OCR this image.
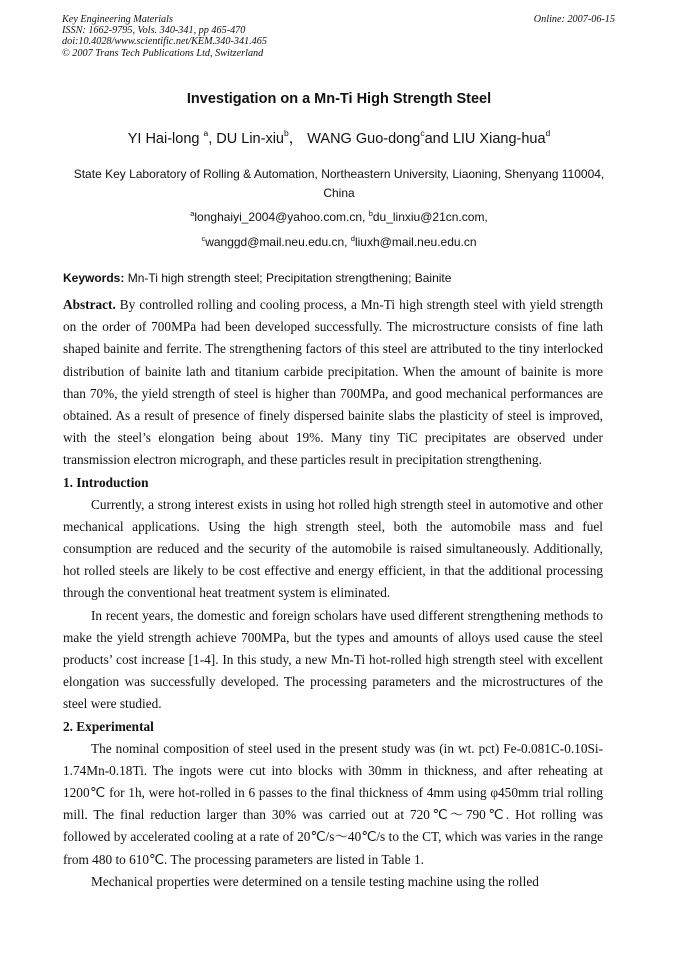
Key Engineering Materials
ISSN: 1662-9795, Vols. 340-341, pp 465-470
doi:10.4028/www.scientific.net/KEM.340-341.465
© 2007 Trans Tech Publications Ltd, Switzerland
Online: 2007-06-15
Investigation on a Mn-Ti High Strength Steel
YI Hai-long $^a$, DU Lin-xiu$^b$， WANG Guo-dong$^c$and LIU Xiang-hua$^d$
State Key Laboratory of Rolling & Automation, Northeastern University, Liaoning, Shenyang 110004, China
$^a$longhaiyi_2004@yahoo.com.cn, $^b$du_linxiu@21cn.com,
$^c$wanggd@mail.neu.edu.cn, $^d$liuxh@mail.neu.edu.cn
Keywords: Mn-Ti high strength steel; Precipitation strengthening; Bainite

Abstract. By controlled rolling and cooling process, a Mn-Ti high strength steel with yield strength on the order of 700MPa had been developed successfully. The microstructure consists of fine lath shaped bainite and ferrite. The strengthening factors of this steel are attributed to the tiny interlocked distribution of bainite lath and titanium carbide precipitation. When the amount of bainite is more than 70%, the yield strength of steel is higher than 700MPa, and good mechanical performances are obtained. As a result of presence of finely dispersed bainite slabs the plasticity of steel is improved, with the steel’s elongation being about 19%. Many tiny TiC precipitates are observed under transmission electron micrograph, and these particles result in precipitation strengthening.

1. Introduction

Currently, a strong interest exists in using hot rolled high strength steel in automotive and other mechanical applications. Using the high strength steel, both the automobile mass and fuel consumption are reduced and the security of the automobile is raised simultaneously. Additionally, hot rolled steels are likely to be cost effective and energy efficient, in that the additional processing through the conventional heat treatment system is eliminated.

In recent years, the domestic and foreign scholars have used different strengthening methods to make the yield strength achieve 700MPa, but the types and amounts of alloys used cause the steel products’ cost increase [1-4]. In this study, a new Mn-Ti hot-rolled high strength steel with excellent elongation was successfully developed. The processing parameters and the microstructures of the steel were studied.

2. Experimental

The nominal composition of steel used in the present study was (in wt. pct) Fe-0.081C-0.10Si-1.74Mn-0.18Ti. The ingots were cut into blocks with 30mm in thickness, and after reheating at 1200℃ for 1h, were hot-rolled in 6 passes to the final thickness of 4mm using φ450mm trial rolling mill. The final reduction larger than 30% was carried out at 720℃～790℃. Hot rolling was followed by accelerated cooling at a rate of 20℃/s～40℃/s to the CT, which was varies in the range from 480 to 610℃. The processing parameters are listed in Table 1.

Mechanical properties were determined on a tensile testing machine using the rolled
